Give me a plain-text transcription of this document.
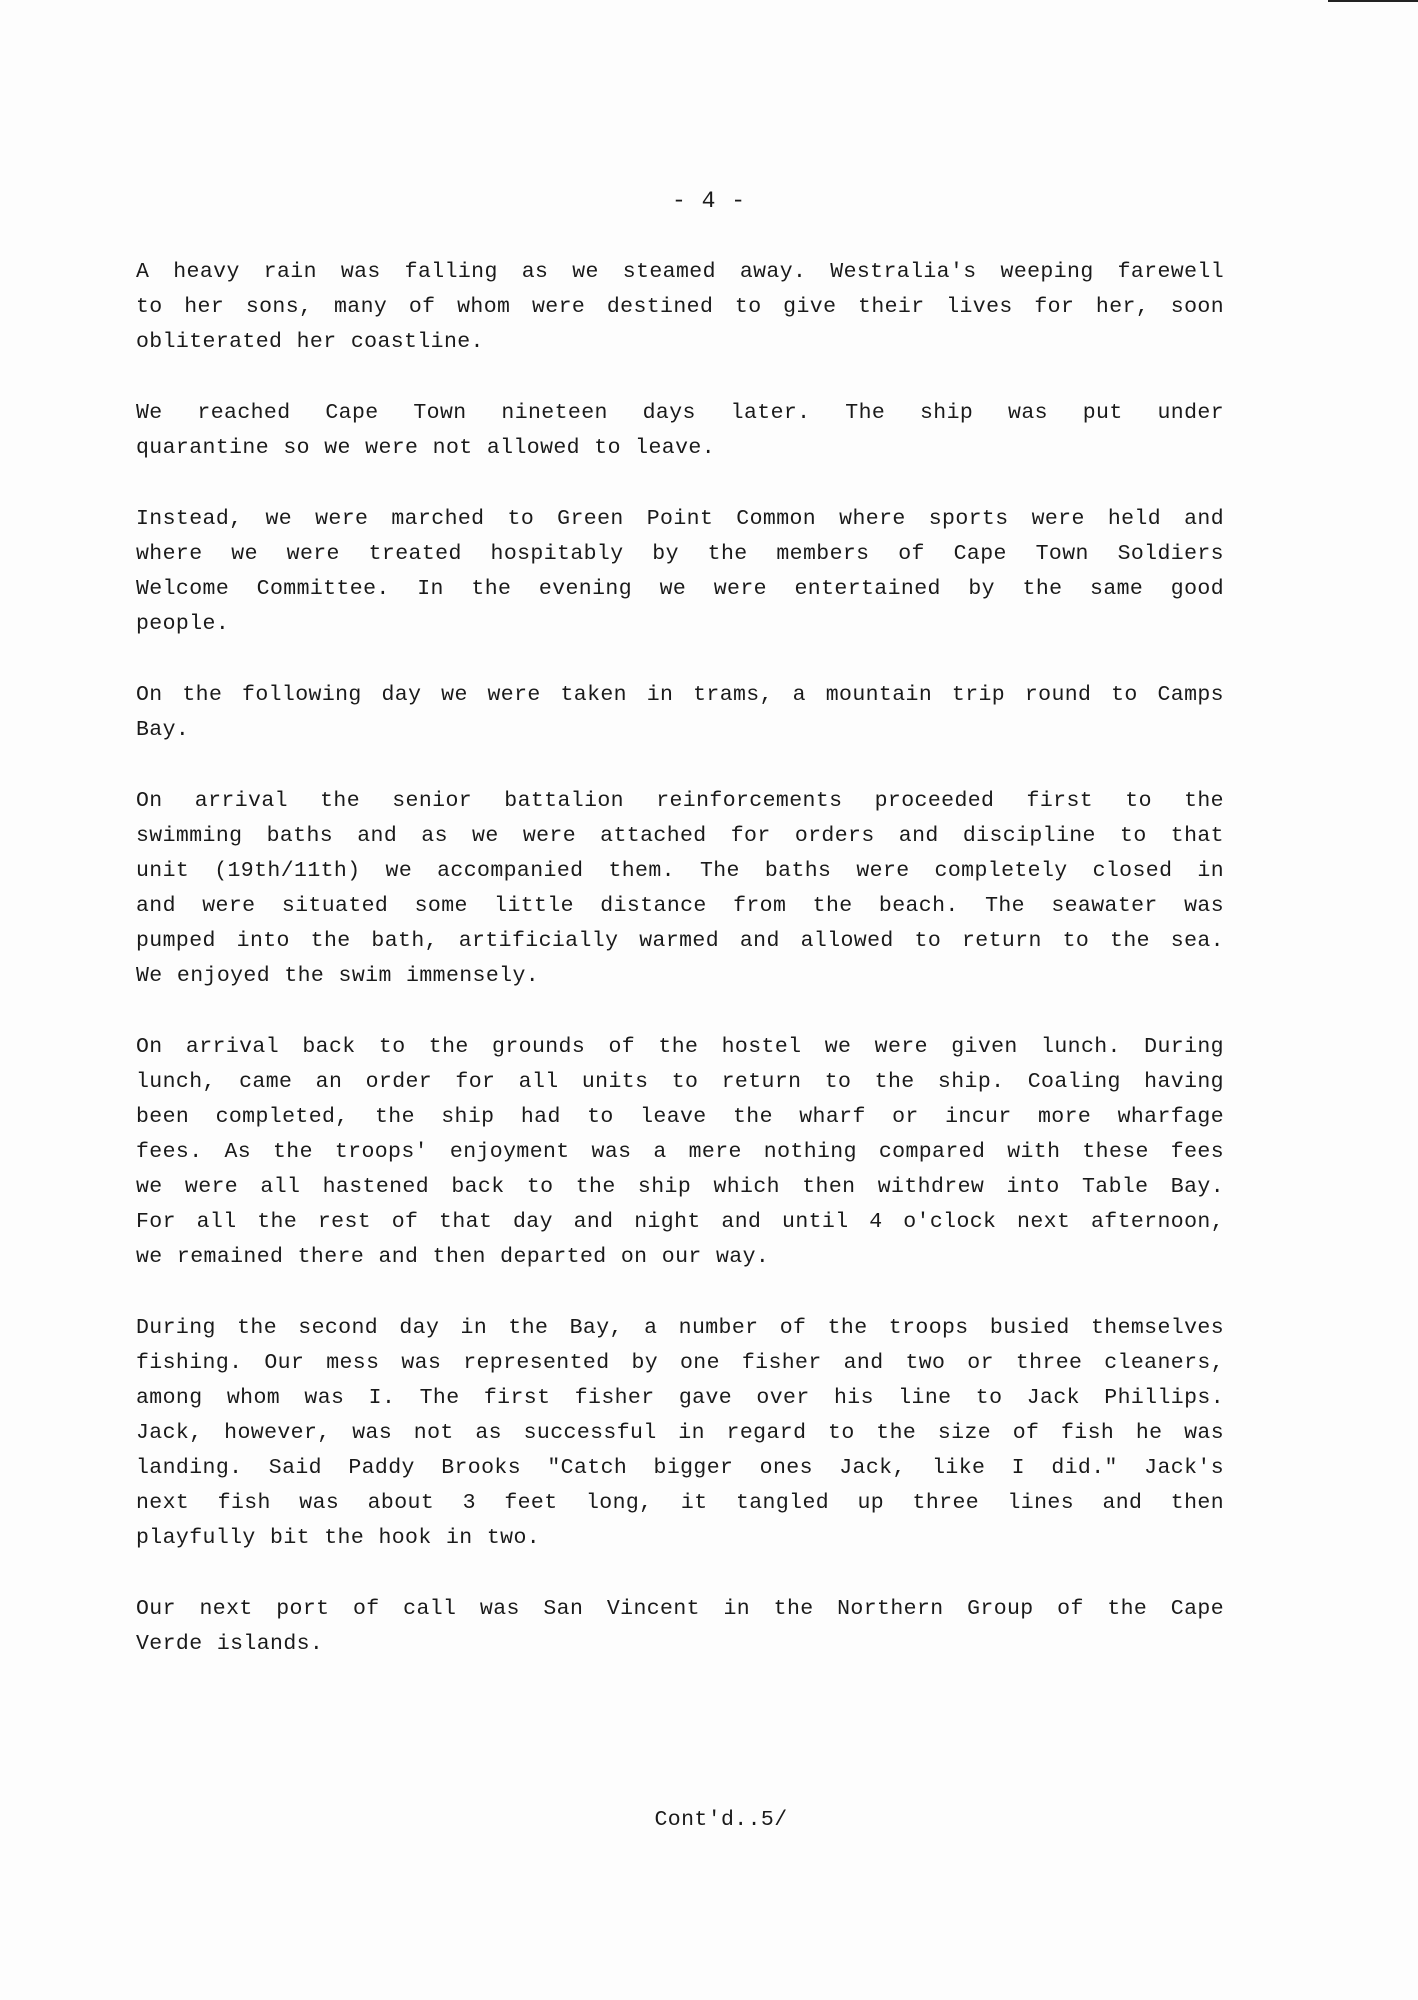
- 4 -
A heavy rain was falling as we steamed away. Westralia's weeping farewell
to her sons, many of whom were destined to give their lives for her, soon
obliterated her coastline.
We reached Cape Town nineteen days later. The ship was put under
quarantine so we were not allowed to leave.
Instead, we were marched to Green Point Common where sports were held and
where we were treated hospitably by the members of Cape Town Soldiers
Welcome Committee. In the evening we were entertained by the same good
people.
On the following day we were taken in trams, a mountain trip round to Camps
Bay.
On arrival the senior battalion reinforcements proceeded first to the
swimming baths and as we were attached for orders and discipline to that
unit (19th/11th) we accompanied them. The baths were completely closed in
and were situated some little distance from the beach. The seawater was
pumped into the bath, artificially warmed and allowed to return to the sea.
We enjoyed the swim immensely.
On arrival back to the grounds of the hostel we were given lunch. During
lunch, came an order for all units to return to the ship. Coaling having
been completed, the ship had to leave the wharf or incur more wharfage
fees. As the troops' enjoyment was a mere nothing compared with these fees
we were all hastened back to the ship which then withdrew into Table Bay.
For all the rest of that day and night and until 4 o'clock next afternoon,
we remained there and then departed on our way.
During the second day in the Bay, a number of the troops busied themselves
fishing. Our mess was represented by one fisher and two or three cleaners,
among whom was I. The first fisher gave over his line to Jack Phillips.
Jack, however, was not as successful in regard to the size of fish he was
landing. Said Paddy Brooks "Catch bigger ones Jack, like I did." Jack's
next fish was about 3 feet long, it tangled up three lines and then
playfully bit the hook in two.
Our next port of call was San Vincent in the Northern Group of the Cape
Verde islands.
Cont'd..5/
